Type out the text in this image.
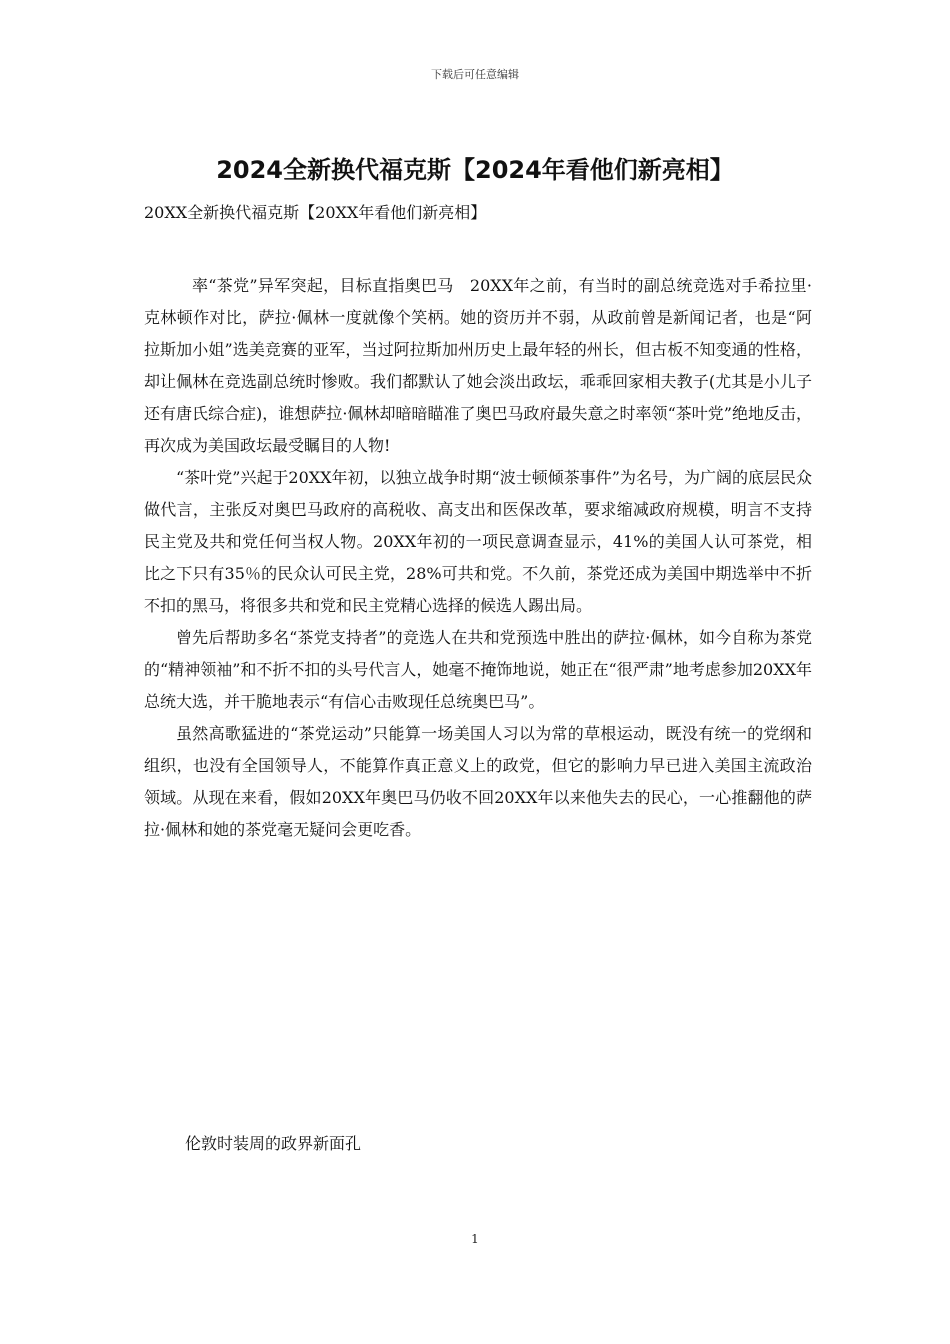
下载后可任意编辑
2024全新换代福克斯【2024年看他们新亮相】

20XX全新换代福克斯【20XX年看他们新亮相】

率“茶党”异军突起，目标直指奥巴马　20XX年之前，有当时的副总统竞选对手希拉里·克林顿作对比，萨拉·佩林一度就像个笑柄。她的资历并不弱，从政前曾是新闻记者，也是“阿拉斯加小姐”选美竞赛的亚军，当过阿拉斯加州历史上最年轻的州长，但古板不知变通的性格，却让佩林在竞选副总统时惨败。我们都默认了她会淡出政坛，乖乖回家相夫教子(尤其是小儿子还有唐氏综合症)，谁想萨拉·佩林却暗暗瞄准了奥巴马政府最失意之时率领“茶叶党”绝地反击，再次成为美国政坛最受瞩目的人物!

“茶叶党”兴起于20XX年初，以独立战争时期“波士顿倾茶事件”为名号，为广阔的底层民众做代言，主张反对奥巴马政府的高税收、高支出和医保改革，要求缩减政府规模，明言不支持民主党及共和党任何当权人物。20XX年初的一项民意调查显示，41%的美国人认可茶党，相比之下只有35％的民众认可民主党，28%可共和党。不久前，茶党还成为美国中期选举中不折不扣的黑马，将很多共和党和民主党精心选择的候选人踢出局。

曾先后帮助多名“茶党支持者”的竞选人在共和党预选中胜出的萨拉·佩林，如今自称为茶党的“精神领袖”和不折不扣的头号代言人，她毫不掩饰地说，她正在“很严肃”地考虑参加20XX年总统大选，并干脆地表示“有信心击败现任总统奥巴马”。

虽然高歌猛进的“茶党运动”只能算一场美国人习以为常的草根运动，既没有统一的党纲和组织，也没有全国领导人，不能算作真正意义上的政党，但它的影响力早已进入美国主流政治领域。从现在来看，假如20XX年奥巴马仍收不回20XX年以来他失去的民心，一心推翻他的萨拉·佩林和她的茶党毫无疑问会更吃香。

伦敦时装周的政界新面孔

1
